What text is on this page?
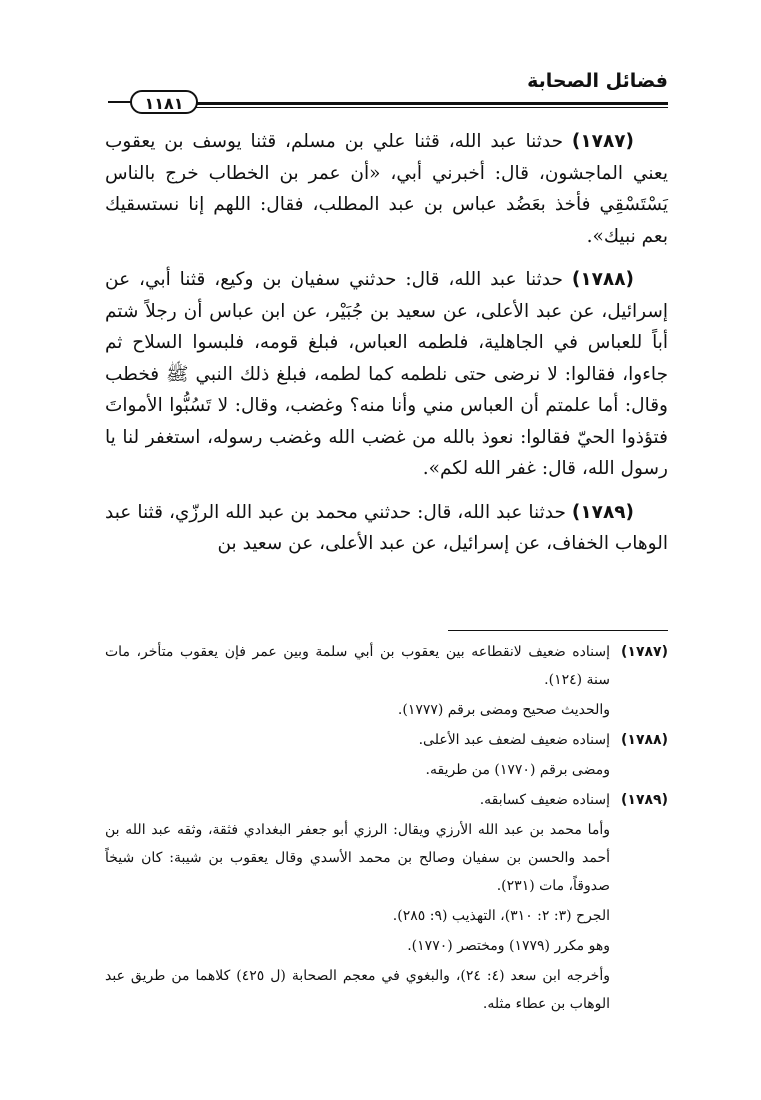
فضائل الصحابة
١١٨١

(١٧٨٧) حدثنا عبد الله، قثنا علي بن مسلم، قثنا يوسف بن يعقوب يعني الماجشون، قال: أخبرني أبي، «أن عمر بن الخطاب خرج بالناس يَسْتَسْقِي فأخذ بعَضُد عباس بن عبد المطلب، فقال: اللهم إنا نستسقيك بعم نبيك».

(١٧٨٨) حدثنا عبد الله، قال: حدثني سفيان بن وكيع، قثنا أبي، عن إسرائيل، عن عبد الأعلى، عن سعيد بن جُبَيْر، عن ابن عباس أن رجلاً شتم أباً للعباس في الجاهلية، فلطمه العباس، فبلغ قومه، فلبسوا السلاح ثم جاءوا، فقالوا: لا نرضى حتى نلطمه كما لطمه، فبلغ ذلك النبي ﷺ فخطب وقال: أما علمتم أن العباس مني وأنا منه؟ وغضب، وقال: لا تَسُبُّوا الأمواتَ فتؤذوا الحيّ فقالوا: نعوذ بالله من غضب الله وغضب رسوله، استغفر لنا يا رسول الله، قال: غفر الله لكم».

(١٧٨٩) حدثنا عبد الله، قال: حدثني محمد بن عبد الله الرزّي، قثنا عبد الوهاب الخفاف، عن إسرائيل، عن عبد الأعلى، عن سعيد بن

(١٧٨٧)
إسناده ضعيف لانقطاعه بين يعقوب بن أبي سلمة وبين عمر فإن يعقوب متأخر، مات سنة (١٢٤).
والحديث صحيح ومضى برقم (١٧٧٧).
(١٧٨٨)
إسناده ضعيف لضعف عبد الأعلى.
ومضى برقم (١٧٧٠) من طريقه.
(١٧٨٩)
إسناده ضعيف كسابقه.
وأما محمد بن عبد الله الأرزي ويقال: الرزي أبو جعفر البغدادي فثقة، وثقه عبد الله بن أحمد والحسن بن سفيان وصالح بن محمد الأسدي وقال يعقوب بن شيبة: كان شيخاً صدوقاً، مات (٢٣١).
الجرح (٣: ٢: ٣١٠)، التهذيب (٩: ٢٨٥).
وهو مكرر (١٧٧٩) ومختصر (١٧٧٠).
وأخرجه ابن سعد (٤: ٢٤)، والبغوي في معجم الصحابة (ل ٤٢٥) كلاهما من طريق عبد الوهاب بن عطاء مثله.
